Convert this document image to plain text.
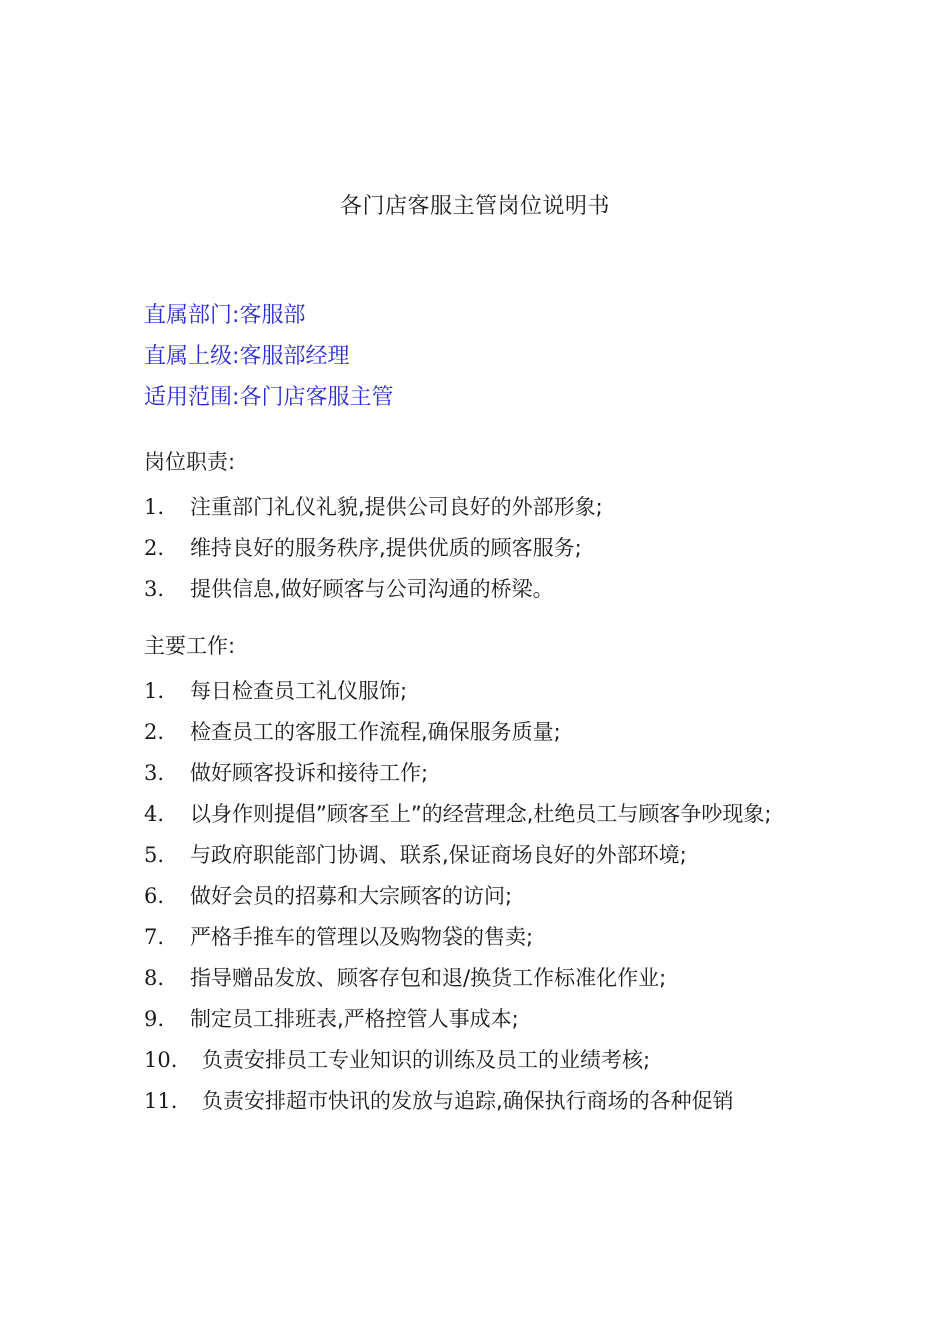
各门店客服主管岗位说明书
直属部门:客服部
直属上级:客服部经理
适用范围:各门店客服主管
岗位职责:
1. 注重部门礼仪礼貌,提供公司良好的外部形象;
2. 维持良好的服务秩序,提供优质的顾客服务;
3. 提供信息,做好顾客与公司沟通的桥梁。
主要工作:
1. 每日检查员工礼仪服饰;
2. 检查员工的客服工作流程,确保服务质量;
3. 做好顾客投诉和接待工作;
4. 以身作则提倡”顾客至上”的经营理念,杜绝员工与顾客争吵现象;
5. 与政府职能部门协调、联系,保证商场良好的外部环境;
6. 做好会员的招募和大宗顾客的访问;
7. 严格手推车的管理以及购物袋的售卖;
8. 指导赠品发放、顾客存包和退/换货工作标准化作业;
9. 制定员工排班表,严格控管人事成本;
10. 负责安排员工专业知识的训练及员工的业绩考核;
11. 负责安排超市快讯的发放与追踪,确保执行商场的各种促销
